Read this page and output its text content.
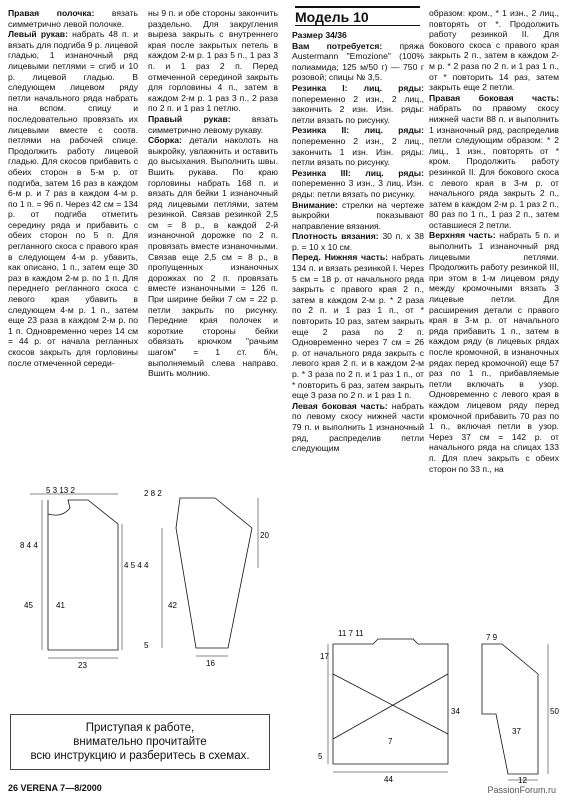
Правая полочка: вязать симметрично левой полочке.

Левый рукав: набрать 48 п. и вязать для подгиба 9 р. лицевой гладью, 1 изнаночный ряд лицевыми петлями = сгиб и 10 р. лицевой гладью. В следующем лицевом ряду петли начального ряда набрать на вспом. спицу и последовательно провязать их лицевыми вместе с соотв. петлями на рабочей спице. Продолжить работу лицевой гладью. Для скосов прибавить с обеих сторон в 5-м р. от подгиба, затем 16 раз в каждом 6-м р. и 7 раз в каждом 4-м р. по 1 п. = 96 п. Через 42 см = 134 р. от подгиба отметить середину ряда и прибавить с обеих сторон по 5 п. Для регланного скоса с правого края в следующем 4-м р. убавить, как описано, 1 п., затем еще 30 раз в каждом 2-м р. по 1 п. Для переднего регланного скоса с левого края убавить в следующем 4-м р. 1 п., затем еще 23 раза в каждом 2-м р. по 1 п. Одновременно через 14 см = 44 р. от начала регланных скосов закрыть для горловины после отмеченной середи-

ны 9 п. и обе стороны закончить раздельно. Для закругления выреза закрыть с внутреннего края после закрытых петель в каждом 2-м р. 1 раз 5 п., 1 раз 3 п. и 1 раз 2 п. Перед отмеченной серединой закрыть для горловины 4 п., затем в каждом 2-м р. 1 раз 3 п., 2 раза по 2 п. и 1 раз 1 петлю.

Правый рукав: вязать симметрично левому рукаву.

Сборка: детали наколоть на выкройку, увлажнить и оставить до высыхания. Выполнить швы. Вшить рукава. По краю горловины набрать 168 п. и вязать для бейки 1 изнаночный ряд лицевыми петлями, затем резинкой. Связав резинкой 2,5 см = 8 р., в каждой 2-й изнаночной дорожке по 2 п. провязать вместе изнаночными. Связав еще 2,5 см = 8 р., в пропущенных изнаночных дорожках по 2 п. провязать вместе изнаночными = 126 п. При ширине бейки 7 см = 22 р. петли закрыть по рисунку. Передние края полочек и короткие стороны бейки обвязать крючком "рачьим шагом" = 1 ст. б/н, выполняемый слева направо. Вшить молнию.

Модель 10

Размер 34/36

Вам потребуется: пряжа Austermann "Emozione" (100% полиамида; 125 м/50 г) — 750 г розовой; спицы № 3,5.

Резинка I: лиц. ряды: попеременно 2 изн., 2 лиц., закончить 2 изн. Изн. ряды: петли вязать по рисунку.

Резинка II: лиц. ряды: попеременно 2 изн., 2 лиц., закончить 1 изн. Изн. ряды: петли вязать по рисунку.

Резинка III: лиц. ряды: попеременно 3 изн., 3 лиц. Изн. ряды: петли вязать по рисунку.

Внимание: стрелки на чертеже выкройки показывают направление вязания.

Плотность вязания: 30 п. x 38 р. = 10 x 10 см.

Перед. Нижняя часть: набрать 134 п. и вязать резинкой I. Через 5 см = 18 р. от начального ряда закрыть с правого края 2 п., затем в каждом 2-м р. * 2 раза по 2 п. и 1 раз 1 п., от * повторить 10 раз, затем закрыть еще 2 раза по 2 п. Одновременно через 7 см = 26 р. от начального ряда закрыть с левого края 2 п. и в каждом 2-м р. * 3 раза по 2 п. и 1 раз 1 п., от * повторить 6 раз, затем закрыть еще 3 раза по 2 п. и 1 раз 1 п.

Левая боковая часть: набрать по левому скосу нижней части 79 п. и выполнить 1 изнаночный ряд, распределив петли следующим

образом: кром., * 1 изн., 2 лиц., повторять от *. Продолжить работу резинкой II. Для бокового скоса с правого края закрыть 2 п., затем в каждом 2-м р. * 2 раза по 2 п. и 1 раз 1 п., от * повторить 14 раз, затем закрыть еще 2 петли.

Правая боковая часть: набрать по правому скосу нижней части 88 п. и выполнить 1 изнаночный ряд, распределив петли следующим образом: * 2 лиц., 1 изн., повторять от * кром. Продолжить работу резинкой II. Для бокового скоса с левого края в 3-м р. от начального ряда закрыть 2 п., затем в каждом 2-м р. 1 раз 2 п., 80 раз по 1 п., 1 раз 2 п., затем оставшиеся 2 петли.

Верхняя часть: набрать 5 п. и выполнить 1 изнаночный ряд лицевыми петлями. Продолжить работу резинкой III, при этом в 1-м лицевом ряду между кромочными вязать 3 лицевые петли. Для расширения детали с правого края в 3-м р. от начального ряда прибавить 1 п., затем в каждом ряду (в лицевых рядах после кромочной, в изнаночных рядах перед кромочной) еще 57 раз по 1 п., прибавляемые петли включать в узор. Одновременно с левого края в каждом лицевом ряду перед кромочной прибавить 70 раз по 1 п., включая петли в узор. Через 37 см = 142 р. от начального ряда на спицах 133 п. Для плеч закрыть с обеих сторон по 33 п., на

5 3 13 2
8 4 4
45	41
23
4 5 4 4
2 8 2
20
42
16
5
11 7 11
17
34
44
7
5
7 9
50
37
12
Приступая к работе,
внимательно прочитайте
всю инструкцию и разберитесь в схемах.
26 VERENA 7—8/2000	PassionForum.ru
